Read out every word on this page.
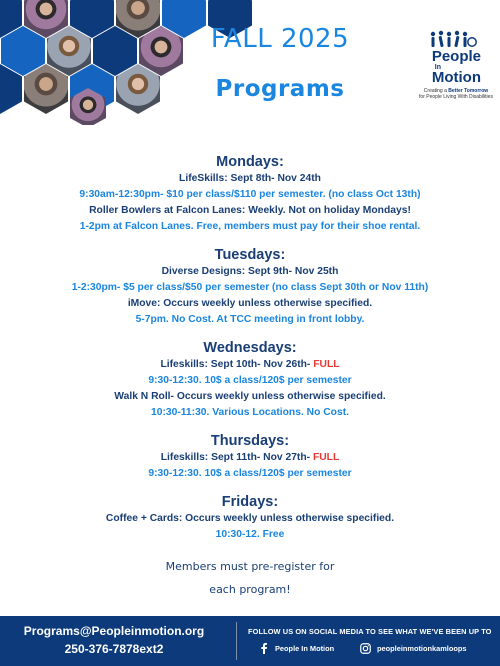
FALL 2025
Programs
People
In
Motion
Creating a Better Tomorrow
for People Living With Disabilities
Mondays:
LifeSkills: Sept 8th- Nov 24th
9:30am-12:30pm- $10 per class/$110 per semester. (no class Oct 13th)
Roller Bowlers at Falcon Lanes: Weekly. Not on holiday Mondays!
1-2pm at Falcon Lanes. Free, members must pay for their shoe rental.
Tuesdays:
Diverse Designs: Sept 9th- Nov 25th
1-2:30pm- $5 per class/$50 per semester (no class Sept 30th or Nov 11th)
iMove: Occurs weekly unless otherwise specified.
5-7pm. No Cost. At TCC meeting in front lobby.
Wednesdays:
Lifeskills: Sept 10th- Nov 26th- FULL
9:30-12:30. 10$ a class/120$ per semester
Walk N Roll- Occurs weekly unless otherwise specified.
10:30-11:30. Various Locations. No Cost.
Thursdays:
Lifeskills: Sept 11th- Nov 27th- FULL
9:30-12:30. 10$ a class/120$ per semester
Fridays:
Coffee + Cards: Occurs weekly unless otherwise specified.
10:30-12. Free
Members must pre-register for
each program!
Programs@Peopleinmotion.org
250-376-7878ext2
FOLLOW US ON SOCIAL MEDIA TO SEE WHAT WE'VE BEEN UP TO
People In Motion	peopleinmotionkamloops
